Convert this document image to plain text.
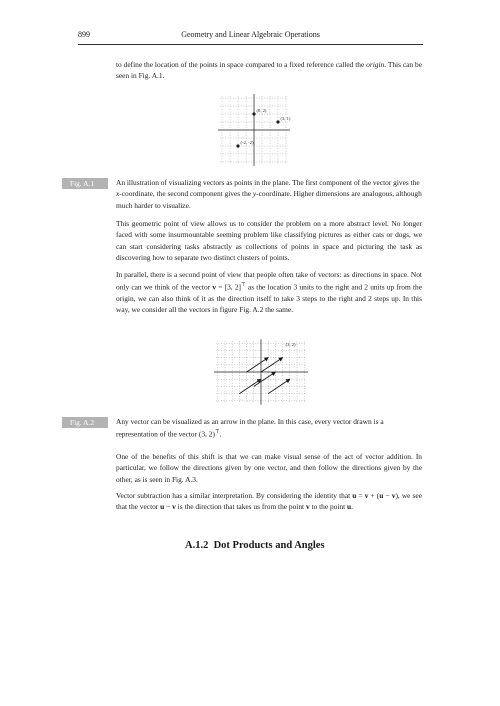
899	Geometry and Linear Algebraic Operations

to define the location of the points in space compared to a fixed reference called the origin. This can be seen in Fig. A.1.

(0, 2)
(3, 1)
(-2, -2)
Fig. A.1	An illustration of visualizing vectors as points in the plane. The first component of the vector gives the x-coordinate, the second component gives the y-coordinate. Higher dimensions are analogous, although much harder to visualize.

This geometric point of view allows us to consider the problem on a more abstract level. No longer faced with some insurmountable seeming problem like classifying pictures as either cats or dogs, we can start considering tasks abstractly as collections of points in space and picturing the task as discovering how to separate two distinct clusters of points.

In parallel, there is a second point of view that people often take of vectors: as directions in space. Not only can we think of the vector v = [3, 2]⊤ as the location 3 units to the right and 2 units up from the origin, we can also think of it as the direction itself to take 3 steps to the right and 2 steps up. In this way, we consider all the vectors in figure Fig. A.2 the same.

(3, 2)
Fig. A.2	Any vector can be visualized as an arrow in the plane. In this case, every vector drawn is a representation of the vector (3, 2)⊤.

One of the benefits of this shift is that we can make visual sense of the act of vector addition. In particular, we follow the directions given by one vector, and then follow the directions given by the other, as is seen in Fig. A.3.

Vector subtraction has a similar interpretation. By considering the identity that u = v + (u − v), we see that the vector u − v is the direction that takes us from the point v to the point u.

A.1.2 Dot Products and Angles
